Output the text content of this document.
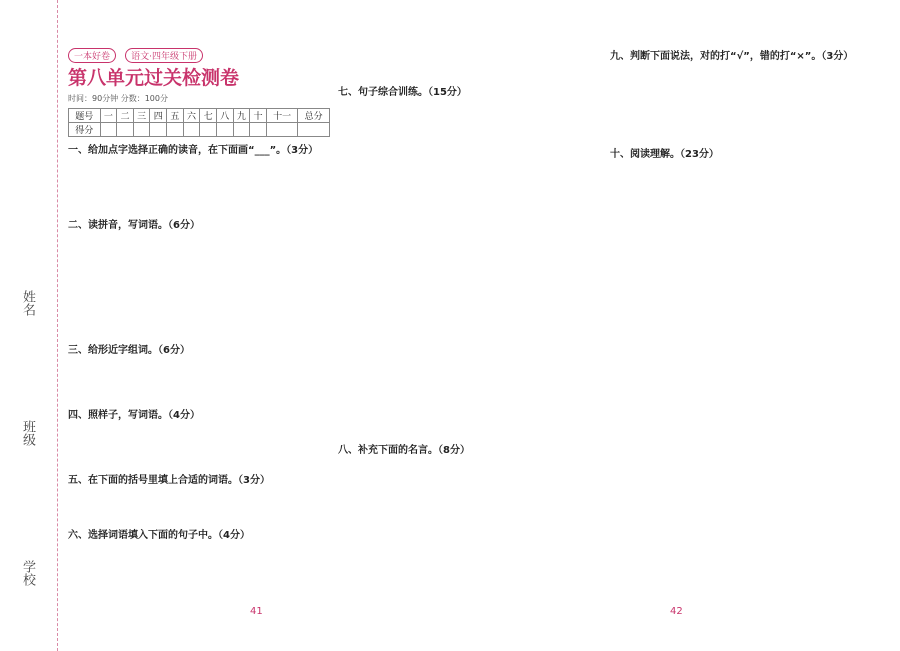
姓名
班级
学校
一本好卷 语文·四年级下册
第八单元过关检测卷
时间：90分钟 分数：100分
题号	一	二	三	四	五	六	七	八	九	十	十一	总分
得分												
一、给加点字选择正确的读音，在下面画“___”。（3分）
二、读拼音，写词语。（6分）
三、给形近字组词。（6分）
四、照样子，写词语。（4分）
五、在下面的括号里填上合适的词语。（3分）
六、选择词语填入下面的句子中。（4分）
七、句子综合训练。（15分）
八、补充下面的名言。（8分）
九、判断下面说法，对的打“√”，错的打“×”。（3分）
十、阅读理解。（23分）
41	42
